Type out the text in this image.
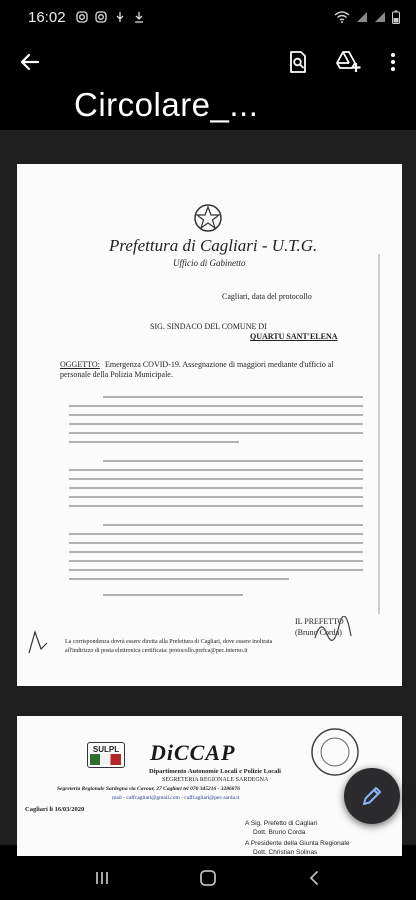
16:02
Circolare_...
Prefettura di Cagliari - U.T.G.
Ufficio di Gabinetto
Cagliari, data del protocollo
SIG. SINDACO DEL COMUNE DI
QUARTU SANT'ELENA
OGGETTO: Emergenza COVID-19. Assegnazione di maggiori mediante d'ufficio al
personale della Polizia Municipale.
IL PREFETTO
(Bruno Corda)
La corrispondenza dovrà essere diretta alla Prefettura di Cagliari, dove essere inoltrata
all'indirizzo di posta elettronica certificata: protocollo.prefca@pec.interno.it
SULPL DiCCAP
Dipartimento Autonomie Locali e Polizie Locali
SEGRETERIA REGIONALE SARDEGNA
Segreteria Regionale Sardegna via Cavour, 27 Cagliari tel 070 345216 - 3286876
mail - caffcagliari@gmail.com - caffcagliari@pec.sarda.it
Cagliari li 16/03/2020
A Sig. Prefetto di Cagliari
Dott. Bruno Corda
A Presidente della Giunta Regionale
Dott. Christian Solinas
